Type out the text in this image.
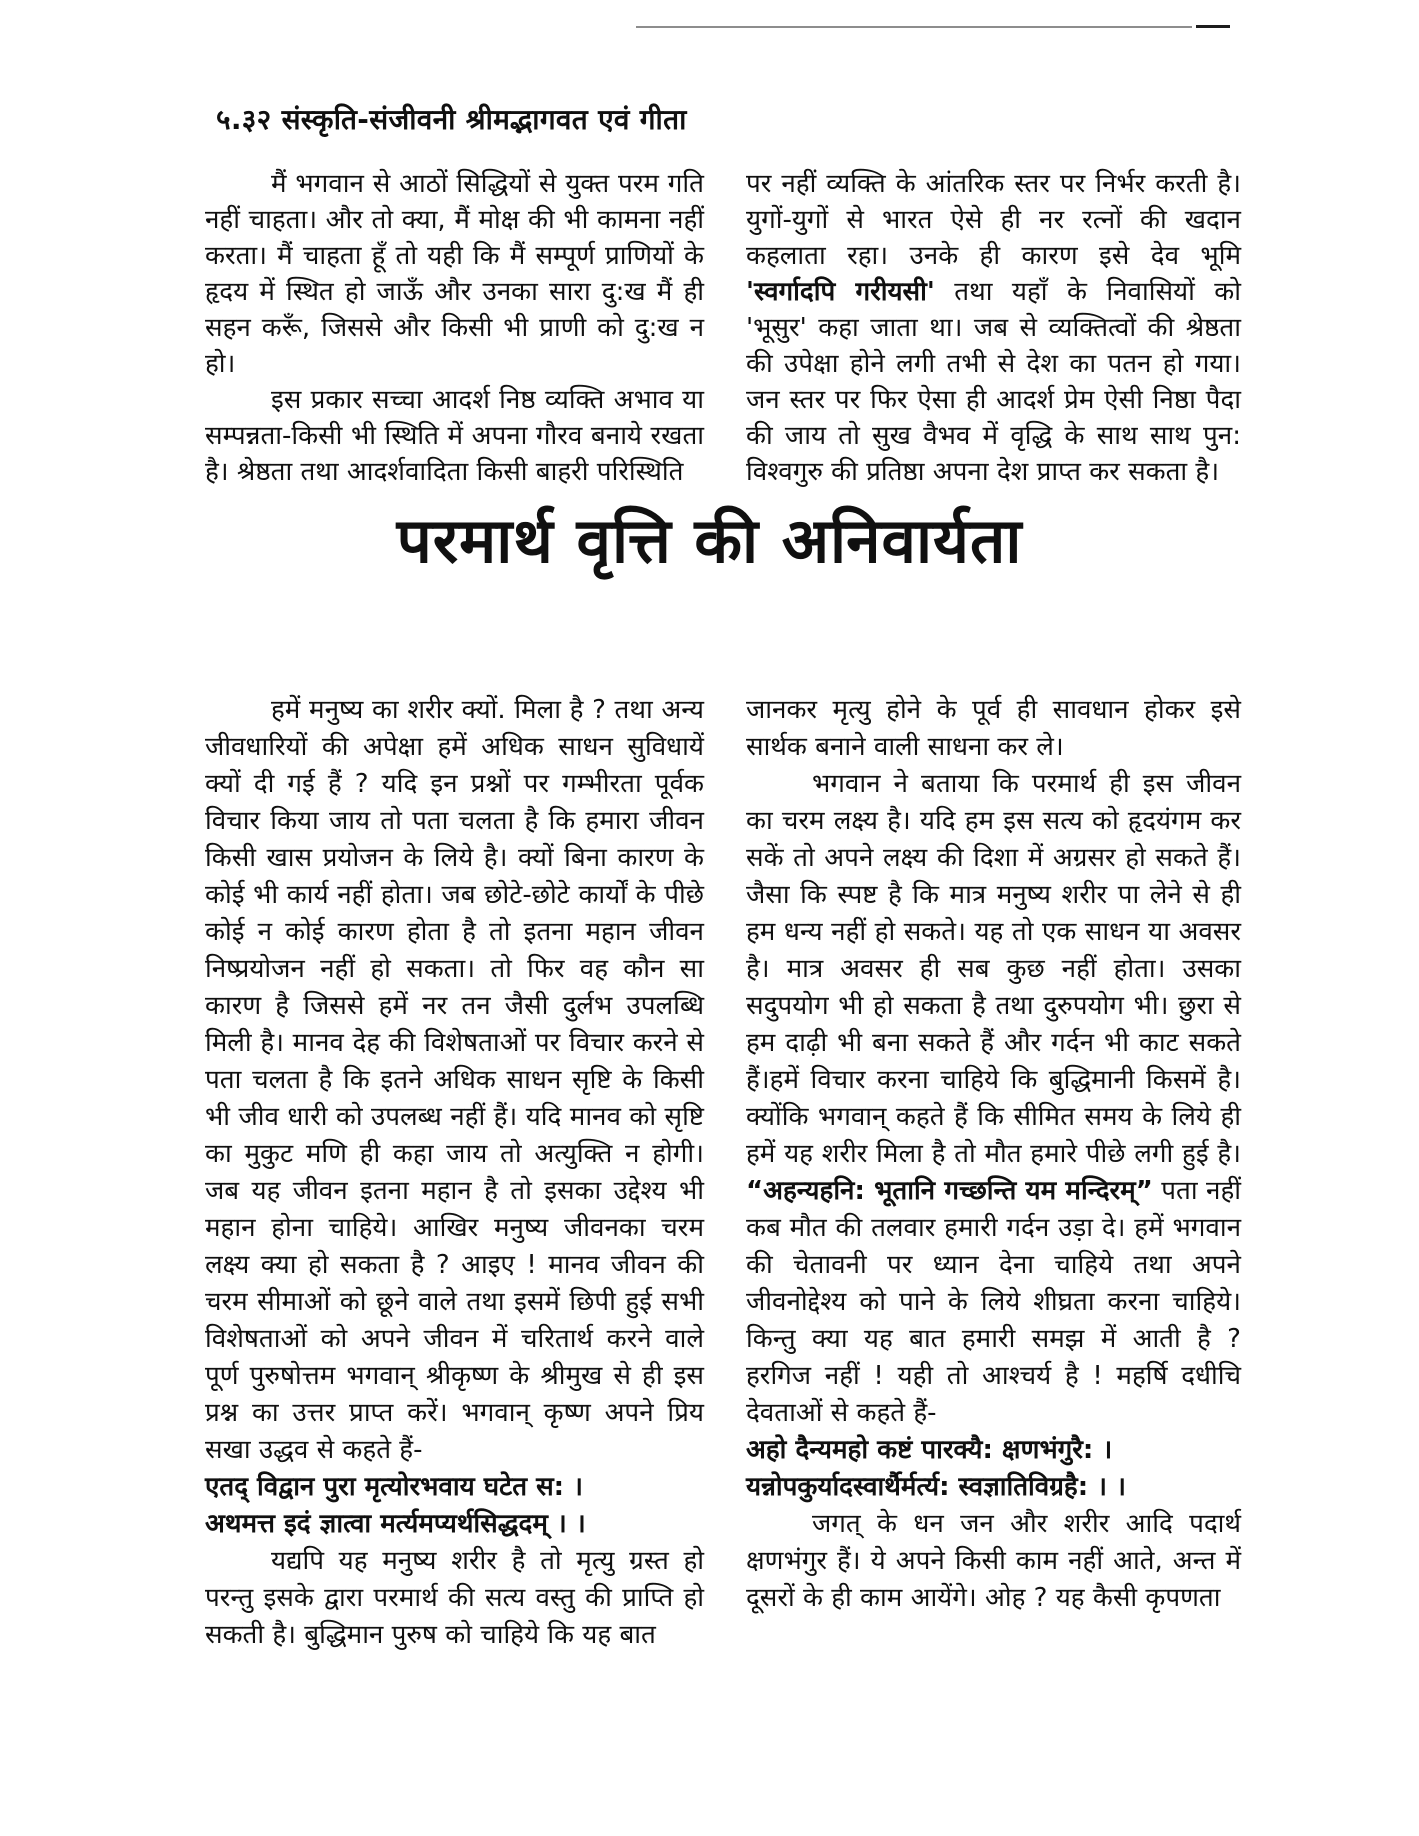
५.३२ संस्कृति-संजीवनी श्रीमद्भागवत एवं गीता

मैं भगवान से आठों सिद्धियों से युक्त परम गति नहीं चाहता। और तो क्या, मैं मोक्ष की भी कामना नहीं करता। मैं चाहता हूँ तो यही कि मैं सम्पूर्ण प्राणियों के हृदय में स्थित हो जाऊँ और उनका सारा दु:ख मैं ही सहन करूँ, जिससे और किसी भी प्राणी को दु:ख न हो।

इस प्रकार सच्चा आदर्श निष्ठ व्यक्ति अभाव या सम्पन्नता-किसी भी स्थिति में अपना गौरव बनाये रखता है। श्रेष्ठता तथा आदर्शवादिता किसी बाहरी परिस्थिति

पर नहीं व्यक्ति के आंतरिक स्तर पर निर्भर करती है। युगों-युगों से भारत ऐसे ही नर रत्नों की खदान कहलाता रहा। उनके ही कारण इसे देव भूमि 'स्वर्गादपि गरीयसी' तथा यहाँ के निवासियों को 'भूसुर' कहा जाता था। जब से व्यक्तित्वों की श्रेष्ठता की उपेक्षा होने लगी तभी से देश का पतन हो गया। जन स्तर पर फिर ऐसा ही आदर्श प्रेम ऐसी निष्ठा पैदा की जाय तो सुख वैभव में वृद्धि के साथ साथ पुन: विश्वगुरु की प्रतिष्ठा अपना देश प्राप्त कर सकता है।

परमार्थ वृत्ति की अनिवार्यता

हमें मनुष्य का शरीर क्यों. मिला है ? तथा अन्य जीवधारियों की अपेक्षा हमें अधिक साधन सुविधायें क्यों दी गई हैं ? यदि इन प्रश्नों पर गम्भीरता पूर्वक विचार किया जाय तो पता चलता है कि हमारा जीवन किसी खास प्रयोजन के लिये है। क्यों बिना कारण के कोई भी कार्य नहीं होता। जब छोटे-छोटे कार्यों के पीछे कोई न कोई कारण होता है तो इतना महान जीवन निष्प्रयोजन नहीं हो सकता। तो फिर वह कौन सा कारण है जिससे हमें नर तन जैसी दुर्लभ उपलब्धि मिली है। मानव देह की विशेषताओं पर विचार करने से पता चलता है कि इतने अधिक साधन सृष्टि के किसी भी जीव धारी को उपलब्ध नहीं हैं। यदि मानव को सृष्टि का मुकुट मणि ही कहा जाय तो अत्युक्ति न होगी। जब यह जीवन इतना महान है तो इसका उद्देश्य भी महान होना चाहिये। आखिर मनुष्य जीवनका चरम लक्ष्य क्या हो सकता है ? आइए ! मानव जीवन की चरम सीमाओं को छूने वाले तथा इसमें छिपी हुई सभी विशेषताओं को अपने जीवन में चरितार्थ करने वाले पूर्ण पुरुषोत्तम भगवान् श्रीकृष्ण के श्रीमुख से ही इस प्रश्न का उत्तर प्राप्त करें। भगवान् कृष्ण अपने प्रिय सखा उद्धव से कहते हैं-

एतद् विद्वान पुरा मृत्योरभवाय घटेत स: ।

अथमत्त इदं ज्ञात्वा मर्त्यमप्यर्थसिद्धदम् । ।

यद्यपि यह मनुष्य शरीर है तो मृत्यु ग्रस्त हो परन्तु इसके द्वारा परमार्थ की सत्य वस्तु की प्राप्ति हो सकती है। बुद्धिमान पुरुष को चाहिये कि यह बात

जानकर मृत्यु होने के पूर्व ही सावधान होकर इसे सार्थक बनाने वाली साधना कर ले।

भगवान ने बताया कि परमार्थ ही इस जीवन का चरम लक्ष्य है। यदि हम इस सत्य को हृदयंगम कर सकें तो अपने लक्ष्य की दिशा में अग्रसर हो सकते हैं। जैसा कि स्पष्ट है कि मात्र मनुष्य शरीर पा लेने से ही हम धन्य नहीं हो सकते। यह तो एक साधन या अवसर है। मात्र अवसर ही सब कुछ नहीं होता। उसका सदुपयोग भी हो सकता है तथा दुरुपयोग भी। छुरा से हम दाढ़ी भी बना सकते हैं और गर्दन भी काट सकते हैं।हमें विचार करना चाहिये कि बुद्धिमानी किसमें है। क्योंकि भगवान् कहते हैं कि सीमित समय के लिये ही हमें यह शरीर मिला है तो मौत हमारे पीछे लगी हुई है। “अहन्यहनि: भूतानि गच्छन्ति यम मन्दिरम्” पता नहीं कब मौत की तलवार हमारी गर्दन उड़ा दे। हमें भगवान की चेतावनी पर ध्यान देना चाहिये तथा अपने जीवनोद्देश्य को पाने के लिये शीघ्रता करना चाहिये। किन्तु क्या यह बात हमारी समझ में आती है ? हरगिज नहीं ! यही तो आश्चर्य है ! महर्षि दधीचि देवताओं से कहते हैं-

अहो दैन्यमहो कष्टं पारक्यै: क्षणभंगुरै: ।

यन्नोपकुर्यादस्वार्थैर्मर्त्य: स्वज्ञातिविग्रहै: । ।

जगत् के धन जन और शरीर आदि पदार्थ क्षणभंगुर हैं। ये अपने किसी काम नहीं आते, अन्त में दूसरों के ही काम आयेंगे। ओह ? यह कैसी कृपणता
